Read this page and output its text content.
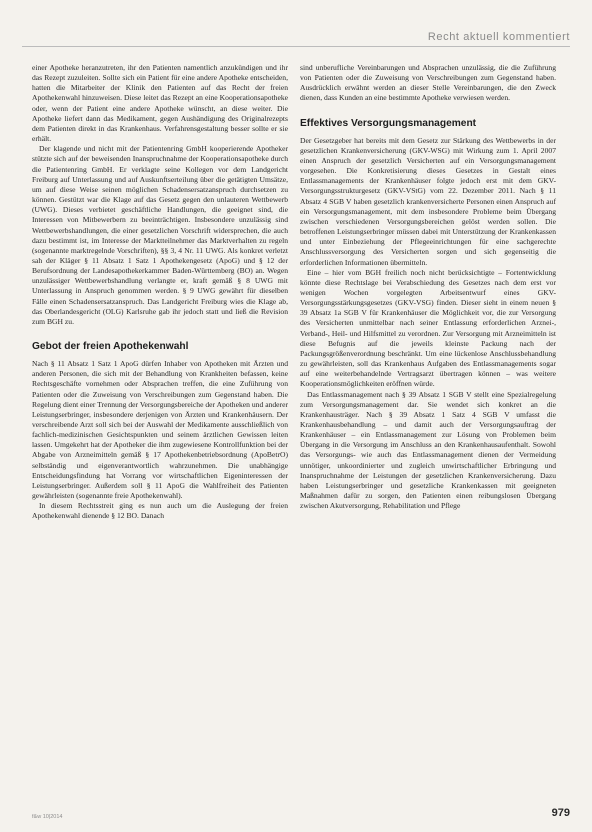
Recht aktuell kommentiert

einer Apotheke heranzutreten, ihr den Patienten namentlich anzukündigen und ihr das Rezept zuzuleiten. Sollte sich ein Patient für eine andere Apotheke entscheiden, hatten die Mitarbeiter der Klinik den Patienten auf das Recht der freien Apothekenwahl hinzuweisen. Diese leitet das Rezept an eine Kooperationsapotheke oder, wenn der Patient eine andere Apotheke wünscht, an diese weiter. Die Apotheke liefert dann das Medikament, gegen Aushändigung des Originalrezepts dem Patienten direkt in das Krankenhaus. Verfahrensgestaltung besser sollte er sie erhält.

Der klagende und nicht mit der Patientenring GmbH kooperierende Apotheker stützte sich auf der beweisenden Inanspruchnahme der Kooperationsapotheke durch die Patientenring GmbH. Er verklagte seine Kollegen vor dem Landgericht Freiburg auf Unterlassung und auf Auskunftserteilung über die getätigten Umsätze, um auf diese Weise seinen möglichen Schadensersatzanspruch durchsetzen zu können. Gestützt war die Klage auf das Gesetz gegen den unlauteren Wettbewerb (UWG). Dieses verbietet geschäftliche Handlungen, die geeignet sind, die Interessen von Mitbewerbern zu beeinträchtigen. Insbesondere unzulässig sind Wettbewerbshandlungen, die einer gesetzlichen Vorschrift widersprechen, die auch dazu bestimmt ist, im Interesse der Marktteilnehmer das Marktverhalten zu regeln (sogenannte marktregelnde Vorschriften), §§ 3, 4 Nr. 11 UWG. Als konkret verletzt sah der Kläger § 11 Absatz 1 Satz 1 Apothekengesetz (ApoG) und § 12 der Berufsordnung der Landesapothekerkammer Baden-Württemberg (BO) an. Wegen unzulässiger Wettbewerbshandlung verlangte er, kraft gemäß § 8 UWG mit Unterlassung in Anspruch genommen werden. § 9 UWG gewährt für dieselben Fälle einen Schadensersatzanspruch. Das Landgericht Freiburg wies die Klage ab, das Oberlandesgericht (OLG) Karlsruhe gab ihr jedoch statt und ließ die Revision zum BGH zu.

Gebot der freien Apothekenwahl

Nach § 11 Absatz 1 Satz 1 ApoG dürfen Inhaber von Apotheken mit Ärzten und anderen Personen, die sich mit der Behandlung von Krankheiten befassen, keine Rechtsgeschäfte vornehmen oder Absprachen treffen, die eine Zuführung von Patienten oder die Zuweisung von Verschreibungen zum Gegenstand haben. Die Regelung dient einer Trennung der Versorgungsbereiche der Apotheken und anderer Leistungserbringer, insbesondere derjenigen von Ärzten und Krankenhäusern. Der verschreibende Arzt soll sich bei der Auswahl der Medikamente ausschließlich von fachlich-medizinischen Gesichtspunkten und seinem ärztlichen Gewissen leiten lassen. Umgekehrt hat der Apotheker die ihm zugewiesene Kontrollfunktion bei der Abgabe von Arzneimitteln gemäß § 17 Apothekenbetriebsordnung (ApoBetrO) selbständig und eigenverantwortlich wahrzunehmen. Die unabhängige Entscheidungsfindung hat Vorrang vor wirtschaftlichen Eigeninteressen der Leistungserbringer. Außerdem soll § 11 ApoG die Wahlfreiheit des Patienten gewährleisten (sogenannte freie Apothekenwahl).

In diesem Rechtsstreit ging es nun auch um die Auslegung der freien Apothekenwahl dienende § 12 BO. Danach

sind unberufliche Vereinbarungen und Absprachen unzulässig, die die Zuführung von Patienten oder die Zuweisung von Verschreibungen zum Gegenstand haben. Ausdrücklich erwähnt werden an dieser Stelle Vereinbarungen, die den Zweck dienen, dass Kunden an eine bestimmte Apotheke verwiesen werden.

Effektives Versorgungsmanagement

Der Gesetzgeber hat bereits mit dem Gesetz zur Stärkung des Wettbewerbs in der gesetzlichen Krankenversicherung (GKV-WSG) mit Wirkung zum 1. April 2007 einen Anspruch der gesetzlich Versicherten auf ein Versorgungsmanagement vorgesehen. Die Konkretisierung dieses Gesetzes in Gestalt eines Entlassmanagements der Krankenhäuser folgte jedoch erst mit dem GKV-Versorgungsstrukturgesetz (GKV-VStG) vom 22. Dezember 2011. Nach § 11 Absatz 4 SGB V haben gesetzlich krankenversicherte Personen einen Anspruch auf ein Versorgungsmanagement, mit dem insbesondere Probleme beim Übergang zwischen verschiedenen Versorgungsbereichen gelöst werden sollen. Die betroffenen Leistungserbringer müssen dabei mit Unterstützung der Krankenkassen und unter Einbeziehung der Pflegeeinrichtungen für eine sachgerechte Anschlussversorgung des Versicherten sorgen und sich gegenseitig die erforderlichen Informationen übermitteln.

Eine – hier vom BGH freilich noch nicht berücksichtigte – Fortentwicklung könnte diese Rechtslage bei Verabschiedung des Gesetzes nach dem erst vor wenigen Wochen vorgelegten Arbeitsentwurf eines GKV-Versorgungsstärkungsgesetzes (GKV-VSG) finden. Dieser sieht in einem neuen § 39 Absatz 1a SGB V für Krankenhäuser die Möglichkeit vor, die zur Versorgung des Versicherten unmittelbar nach seiner Entlassung erforderlichen Arznei-, Verband-, Heil- und Hilfsmittel zu verordnen. Zur Versorgung mit Arzneimitteln ist diese Befugnis auf die jeweils kleinste Packung nach der Packungsgrößenverordnung beschränkt. Um eine lückenlose Anschlussbehandlung zu gewährleisten, soll das Krankenhaus Aufgaben des Entlassmanagements sogar auf eine weiterbehandelnde Vertragsarzt übertragen können – was weitere Kooperationsmöglichkeiten eröffnen würde.

Das Entlassmanagement nach § 39 Absatz 1 SGB V stellt eine Spezialregelung zum Versorgungsmanagement dar. Sie wendet sich konkret an die Krankenhausträger. Nach § 39 Absatz 1 Satz 4 SGB V umfasst die Krankenhausbehandlung – und damit auch der Versorgungsauftrag der Krankenhäuser – ein Entlassmanagement zur Lösung von Problemen beim Übergang in die Versorgung im Anschluss an den Krankenhausaufenthalt. Sowohl das Versorgungs- wie auch das Entlassmanagement dienen der Vermeidung unnötiger, unkoordinierter und zugleich unwirtschaftlicher Erbringung und Inanspruchnahme der Leistungen der gesetzlichen Krankenversicherung. Dazu haben Leistungserbringer und gesetzliche Krankenkassen mit geeigneten Maßnahmen dafür zu sorgen, den Patienten einen reibungslosen Übergang zwischen Akutversorgung, Rehabilitation und Pflege

f&w 10|2014	979
